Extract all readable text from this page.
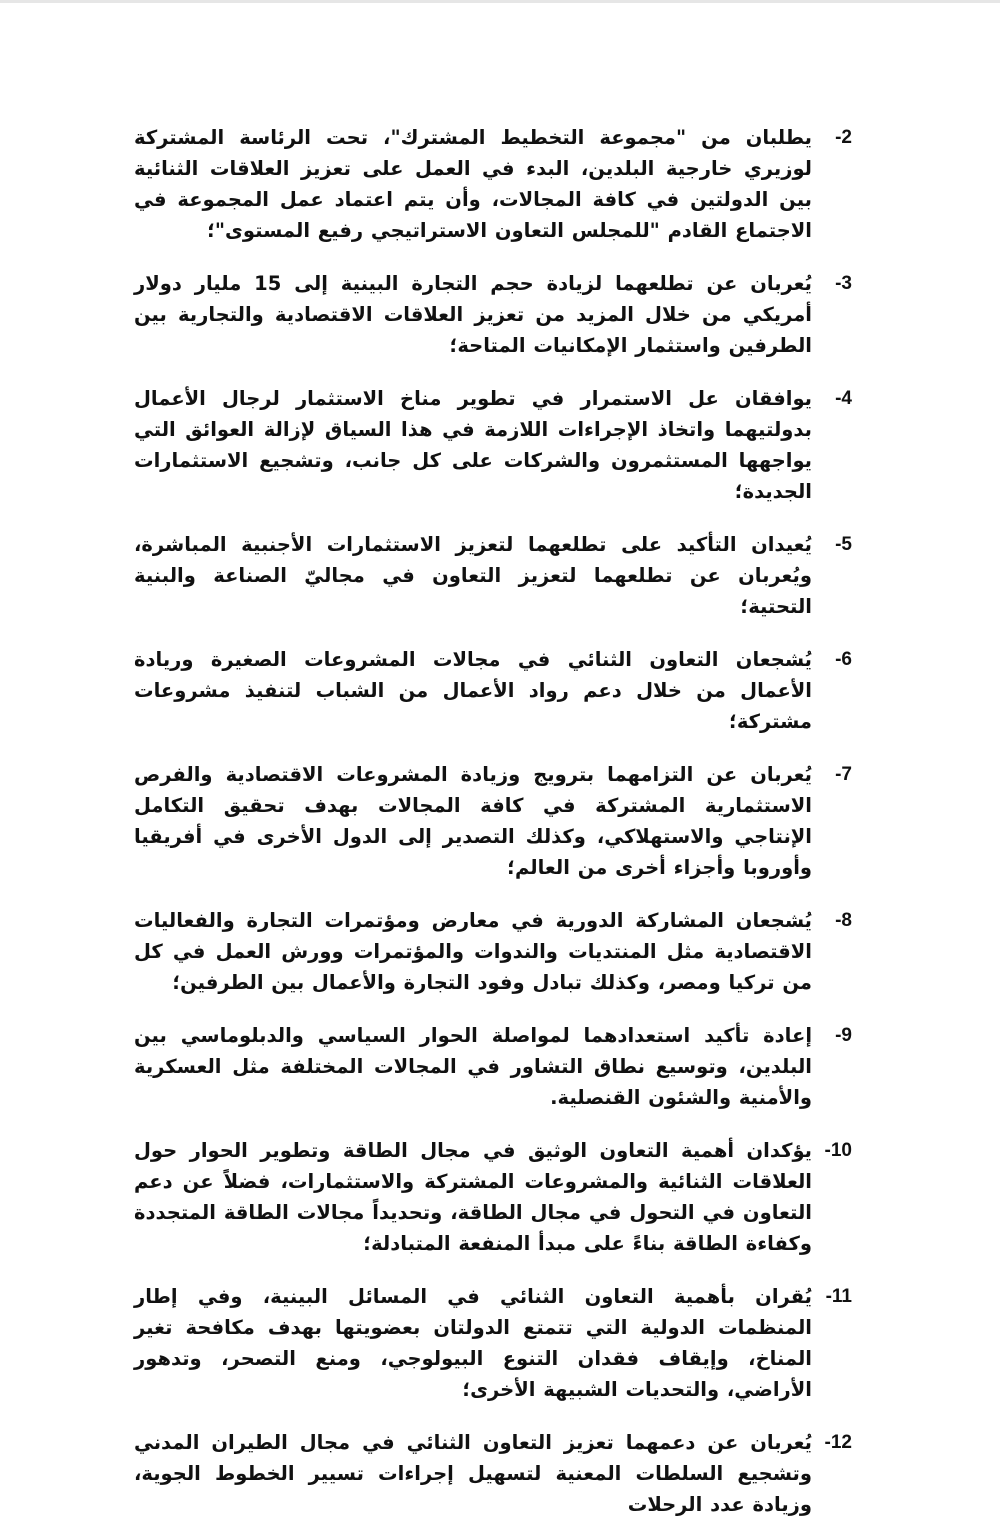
-2
يطلبان من "مجموعة التخطيط المشترك"، تحت الرئاسة المشتركة لوزيري خارجية البلدين، البدء في العمل على تعزيز العلاقات الثنائية بين الدولتين في كافة المجالات، وأن يتم اعتماد عمل المجموعة في الاجتماع القادم "للمجلس التعاون الاستراتيجي رفيع المستوى"؛
-3
يُعربان عن تطلعهما لزيادة حجم التجارة البينية إلى 15 مليار دولار أمريكي من خلال المزيد من تعزيز العلاقات الاقتصادية والتجارية بين الطرفين واستثمار الإمكانيات المتاحة؛
-4
يوافقان عل الاستمرار في تطوير مناخ الاستثمار لرجال الأعمال بدولتيهما واتخاذ الإجراءات اللازمة في هذا السياق لإزالة العوائق التي يواجهها المستثمرون والشركات على كل جانب، وتشجيع الاستثمارات الجديدة؛
-5
يُعيدان التأكيد على تطلعهما لتعزيز الاستثمارات الأجنبية المباشرة، ويُعربان عن تطلعهما لتعزيز التعاون في مجاليّ الصناعة والبنية التحتية؛
-6
يُشجعان التعاون الثنائي في مجالات المشروعات الصغيرة وريادة الأعمال من خلال دعم رواد الأعمال من الشباب لتنفيذ مشروعات مشتركة؛
-7
يُعربان عن التزامهما بترويج وزيادة المشروعات الاقتصادية والفرص الاستثمارية المشتركة في كافة المجالات بهدف تحقيق التكامل الإنتاجي والاستهلاكي، وكذلك التصدير إلى الدول الأخرى في أفريقيا وأوروبا وأجزاء أخرى من العالم؛
-8
يُشجعان المشاركة الدورية في معارض ومؤتمرات التجارة والفعاليات الاقتصادية مثل المنتديات والندوات والمؤتمرات وورش العمل في كل من تركيا ومصر، وكذلك تبادل وفود التجارة والأعمال بين الطرفين؛
-9
إعادة تأكيد استعدادهما لمواصلة الحوار السياسي والدبلوماسي بين البلدين، وتوسيع نطاق التشاور في المجالات المختلفة مثل العسكرية والأمنية والشئون القنصلية.
-10
يؤكدان أهمية التعاون الوثيق في مجال الطاقة وتطوير الحوار حول العلاقات الثنائية والمشروعات المشتركة والاستثمارات، فضلاً عن دعم التعاون في التحول في مجال الطاقة، وتحديداً مجالات الطاقة المتجددة وكفاءة الطاقة بناءً على مبدأ المنفعة المتبادلة؛
-11
يُقران بأهمية التعاون الثنائي في المسائل البينية، وفي إطار المنظمات الدولية التي تتمتع الدولتان بعضويتها بهدف مكافحة تغير المناخ، وإيقاف فقدان التنوع البيولوجي، ومنع التصحر، وتدهور الأراضي، والتحديات الشبيهة الأخرى؛
-12
يُعربان عن دعمهما تعزيز التعاون الثنائي في مجال الطيران المدني وتشجيع السلطات المعنية لتسهيل إجراءات تسيير الخطوط الجوية، وزيادة عدد الرحلات
